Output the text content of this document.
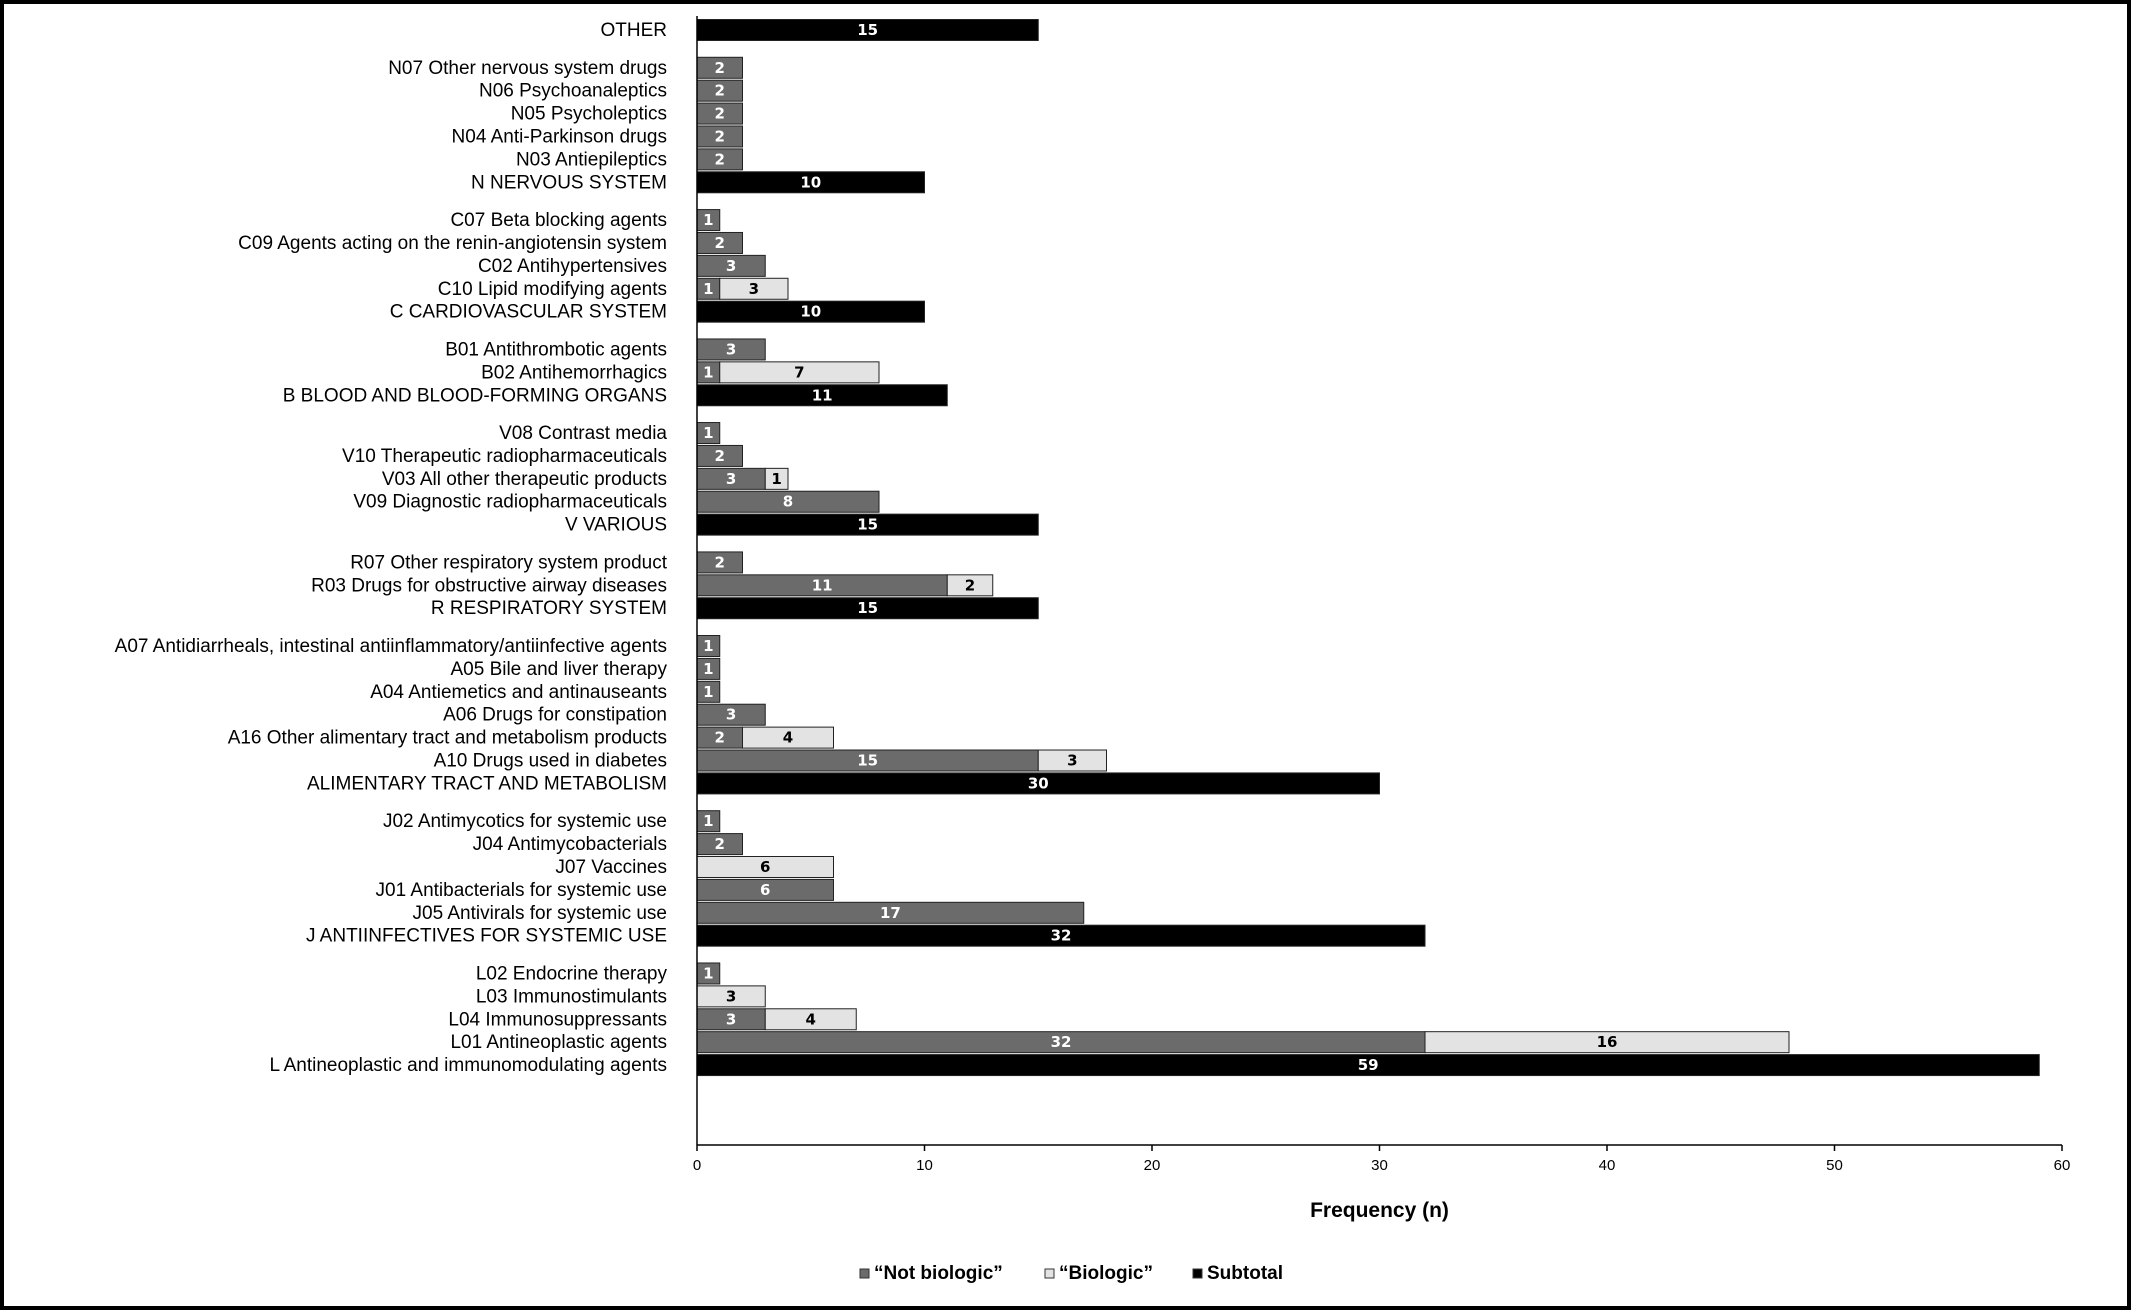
15
2
2
2
2
2
10
1
2
3
1 3
10
3
1	7
11
1
2
3 1
8
15
2
11	2
15
1
1
1
3
2	4
15	3
30
1
2
6
6
17
32
1
3
3	4
32	16
59
OTHER
N07 Other nervous system drugs
N06 Psychoanaleptics
N05 Psycholeptics
N04 Anti-Parkinson drugs
N03 Antiepileptics
N NERVOUS SYSTEM
C07 Beta blocking agents
C09 Agents acting on the renin-angiotensin system
C02 Antihypertensives
C10 Lipid modifying agents
C CARDIOVASCULAR SYSTEM
B01 Antithrombotic agents
B02 Antihemorrhagics
B BLOOD AND BLOOD-FORMING ORGANS
V08 Contrast media
V10 Therapeutic radiopharmaceuticals
V03 All other therapeutic products
V09 Diagnostic radiopharmaceuticals
V VARIOUS
R07 Other respiratory system product
R03 Drugs for obstructive airway diseases
R RESPIRATORY SYSTEM
A07 Antidiarrheals, intestinal antiinflammatory/antiinfective agents
A05 Bile and liver therapy
A04 Antiemetics and antinauseants
A06 Drugs for constipation
A16 Other alimentary tract and metabolism products
A10 Drugs used in diabetes
ALIMENTARY TRACT AND METABOLISM
J02 Antimycotics for systemic use
J04 Antimycobacterials
J07 Vaccines
J01 Antibacterials for systemic use
J05 Antivirals for systemic use
J ANTIINFECTIVES FOR SYSTEMIC USE
L02 Endocrine therapy
L03 Immunostimulants
L04 Immunosuppressants
L01 Antineoplastic agents
L Antineoplastic and immunomodulating agents
0	10	20	30	40	50	60
Frequency (n)
“Not biologic”	“Biologic”	Subtotal
